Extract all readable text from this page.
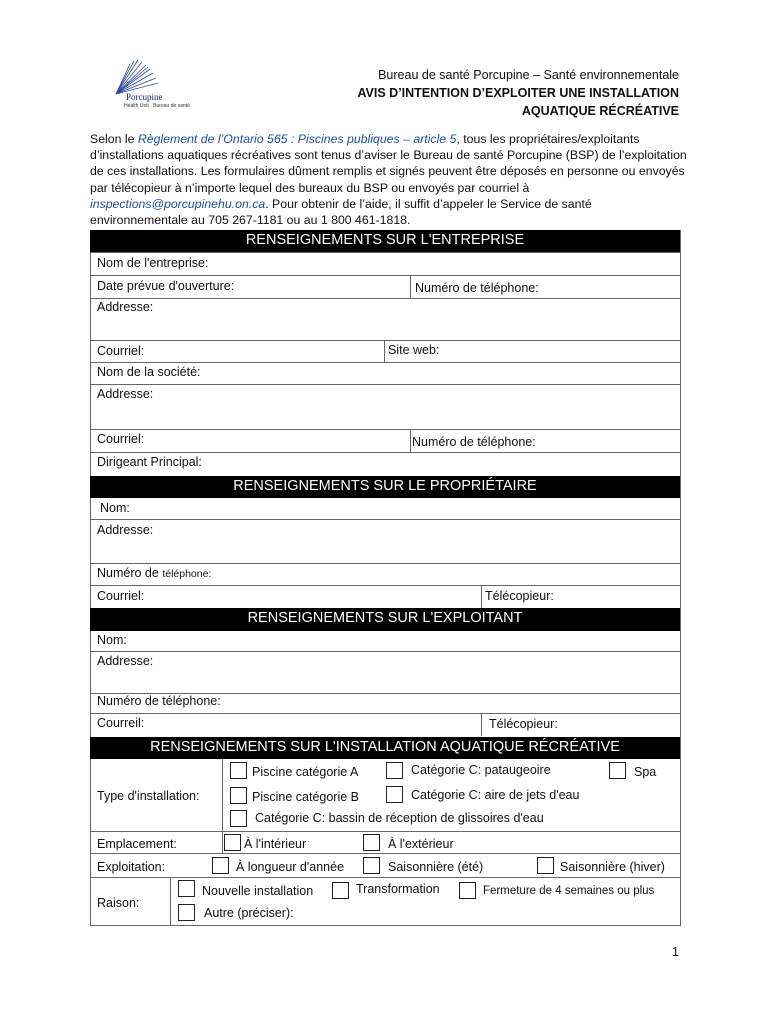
Porcupine
Health Unit · Bureau de santé
Bureau de santé Porcupine – Santé environnementale
AVIS D’INTENTION D’EXPLOITER UNE INSTALLATION
AQUATIQUE RÉCRÉATIVE
Selon le Règlement de l’Ontario 565 : Piscines publiques – article 5, tous les propriétaires/exploitants d’installations aquatiques récréatives sont tenus d’aviser le Bureau de santé Porcupine (BSP) de l’exploitation de ces installations. Les formulaires dûment remplis et signés peuvent être déposés en personne ou envoyés par télécopieur à n’importe lequel des bureaux du BSP ou envoyés par courriel à inspections@porcupinehu.on.ca. Pour obtenir de l’aide, il suffit d’appeler le Service de santé environnementale au 705 267-1181 ou au 1 800 461-1818.
RENSEIGNEMENTS SUR L'ENTREPRISE
Nom de l'entreprise:
Date prévue d'ouverture:	Numéro de téléphone:
Addresse:
Courriel:	Site web:
Nom de la société:
Addresse:
Courriel:	Numéro de téléphone:
Dirigeant Principal:
RENSEIGNEMENTS SUR LE PROPRIÉTAIRE
Nom:
Addresse:
Numéro de téléphone:
Courriel:	Télécopieur:
RENSEIGNEMENTS SUR L'EXPLOITANT
Nom:
Addresse:
Numéro de téléphone:
Courreil:	Télécopieur:
RENSEIGNEMENTS SUR L'INSTALLATION AQUATIQUE RÉCRÉATIVE
Type d'installation:
Piscine catégorie A	Catégorie C: pataugeoire	Spa
Piscine catégorie B	Catégorie C: aire de jets d'eau
Catégorie C: bassin de réception de glissoires d'eau
Emplacement:	À l'intérieur	À l'extérieur
Exploitation:	À longueur d'année	Saisonnière (été)	Saisonnière (hiver)
Raison:
Nouvelle installation	Transformation	Fermeture de 4 semaines ou plus
Autre (préciser):
1
